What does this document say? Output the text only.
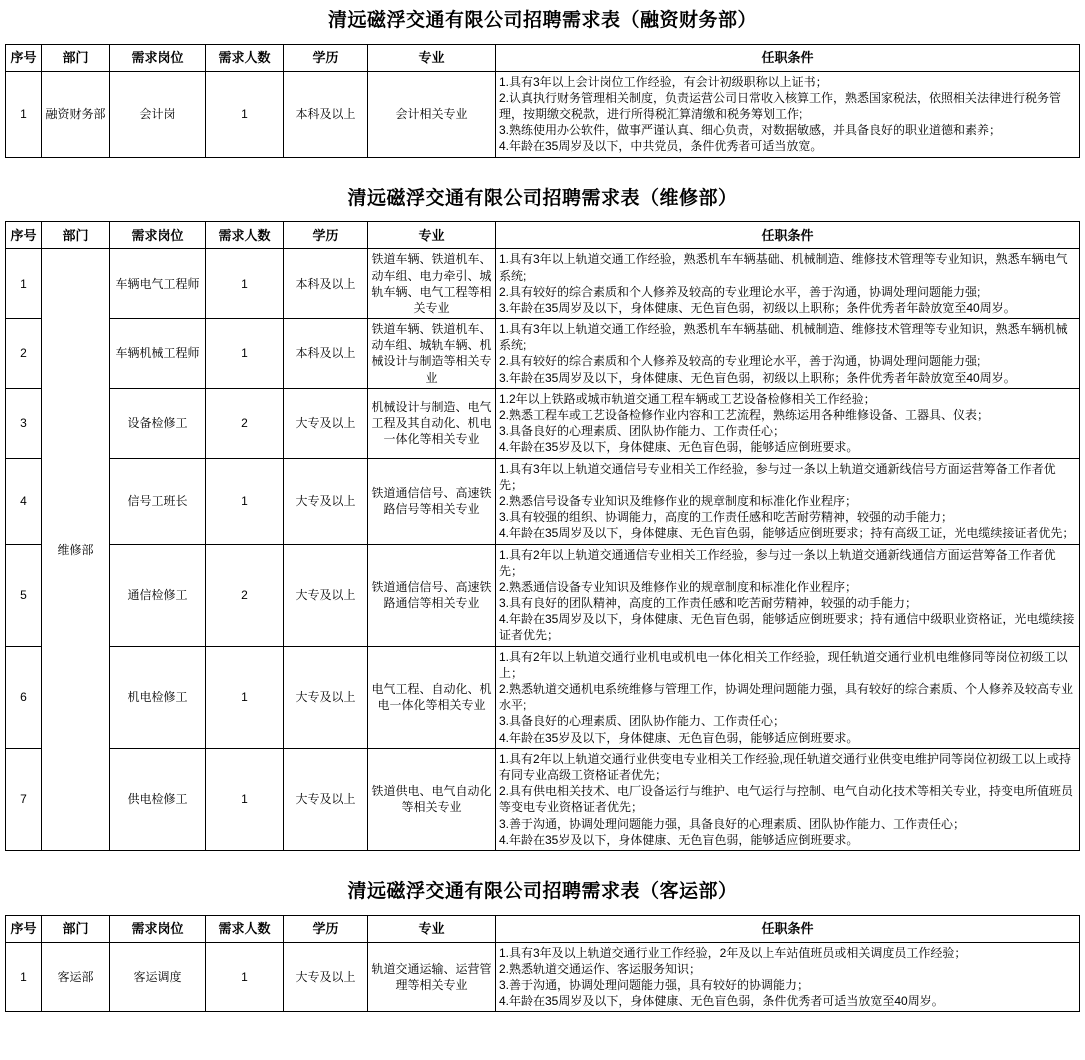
清远磁浮交通有限公司招聘需求表（融资财务部）
序号	部门	需求岗位	需求人数	学历	专业	任职条件
1	融资财务部	会计岗	1	本科及以上	会计相关专业	1.具有3年以上会计岗位工作经验，有会计初级职称以上证书；
2.认真执行财务管理相关制度，负责运营公司日常收入核算工作，熟悉国家税法，依照相关法律进行税务管理，按期缴交税款，进行所得税汇算清缴和税务筹划工作;
3.熟练使用办公软件，做事严谨认真、细心负责，对数据敏感，并具备良好的职业道德和素养；
4.年龄在35周岁及以下，中共党员，条件优秀者可适当放宽。
清远磁浮交通有限公司招聘需求表（维修部）
序号	部门	需求岗位	需求人数	学历	专业	任职条件
1	维修部	车辆电气工程师	1	本科及以上	铁道车辆、铁道机车、动车组、电力牵引、城轨车辆、电气工程等相关专业	1.具有3年以上轨道交通工作经验，熟悉机车车辆基础、机械制造、维修技术管理等专业知识，熟悉车辆电气系统;
2.具有较好的综合素质和个人修养及较高的专业理论水平，善于沟通，协调处理问题能力强;
3.年龄在35周岁及以下，身体健康、无色盲色弱，初级以上职称；条件优秀者年龄放宽至40周岁。

2		车辆机械工程师	1	本科及以上	铁道车辆、铁道机车、动车组、城轨车辆、机械设计与制造等相关专业	1.具有3年以上轨道交通工作经验，熟悉机车车辆基础、机械制造、维修技术管理等专业知识，熟悉车辆机械系统;
2.具有较好的综合素质和个人修养及较高的专业理论水平，善于沟通，协调处理问题能力强;
3.年龄在35周岁及以下，身体健康、无色盲色弱，初级以上职称；条件优秀者年龄放宽至40周岁。

3		设备检修工	2	大专及以上	机械设计与制造、电气工程及其自动化、机电一体化等相关专业	1.2年以上铁路或城市轨道交通工程车辆或工艺设备检修相关工作经验；
2.熟悉工程车或工艺设备检修作业内容和工艺流程，熟练运用各种维修设备、工器具、仪表；
3.具备良好的心理素质、团队协作能力、工作责任心；
4.年龄在35岁及以下，身体健康、无色盲色弱，能够适应倒班要求。

4		信号工班长	1	大专及以上	铁道通信信号、高速铁路信号等相关专业	1.具有3年以上轨道交通信号专业相关工作经验，参与过一条以上轨道交通新线信号方面运营筹备工作者优先；
2.熟悉信号设备专业知识及维修作业的规章制度和标准化作业程序；
3.具有较强的组织、协调能力，高度的工作责任感和吃苦耐劳精神，较强的动手能力；
4.年龄在35周岁及以下，身体健康、无色盲色弱，能够适应倒班要求；持有高级工证，光电缆续接证者优先；

5		通信检修工	2	大专及以上	铁道通信信号、高速铁路通信等相关专业	1.具有2年以上轨道交通通信专业相关工作经验，参与过一条以上轨道交通新线通信方面运营筹备工作者优先；
2.熟悉通信设备专业知识及维修作业的规章制度和标准化作业程序；
3.具有良好的团队精神，高度的工作责任感和吃苦耐劳精神，较强的动手能力；
4.年龄在35周岁及以下，身体健康、无色盲色弱，能够适应倒班要求；持有通信中级职业资格证，光电缆续接证者优先；

6		机电检修工	1	大专及以上	电气工程、自动化、机电一体化等相关专业	1.具有2年以上轨道交通行业机电或机电一体化相关工作经验，现任轨道交通行业机电维修同等岗位初级工以上；
2.熟悉轨道交通机电系统维修与管理工作，协调处理问题能力强，具有较好的综合素质、个人修养及较高专业水平;
3.具备良好的心理素质、团队协作能力、工作责任心；
4.年龄在35岁及以下，身体健康、无色盲色弱，能够适应倒班要求。

7		供电检修工	1	大专及以上	铁道供电、电气自动化等相关专业	1.具有2年以上轨道交通行业供变电专业相关工作经验,现任轨道交通行业供变电维护同等岗位初级工以上或持有同专业高级工资格证者优先；
2.具有供电相关技术、电厂设备运行与维护、电气运行与控制、电气自动化技术等相关专业，持变电所值班员等变电专业资格证者优先；
3.善于沟通，协调处理问题能力强，具备良好的心理素质、团队协作能力、工作责任心；
4.年龄在35岁及以下，身体健康、无色盲色弱，能够适应倒班要求。
清远磁浮交通有限公司招聘需求表（客运部）
序号	部门	需求岗位	需求人数	学历	专业	任职条件
1	客运部	客运调度	1	大专及以上	轨道交通运输、运营管理等相关专业	1.具有3年及以上轨道交通行业工作经验，2年及以上车站值班员或相关调度员工作经验；
2.熟悉轨道交通运作、客运服务知识；
3.善于沟通，协调处理问题能力强，具有较好的协调能力；
4.年龄在35周岁及以下，身体健康、无色盲色弱，条件优秀者可适当放宽至40周岁。
